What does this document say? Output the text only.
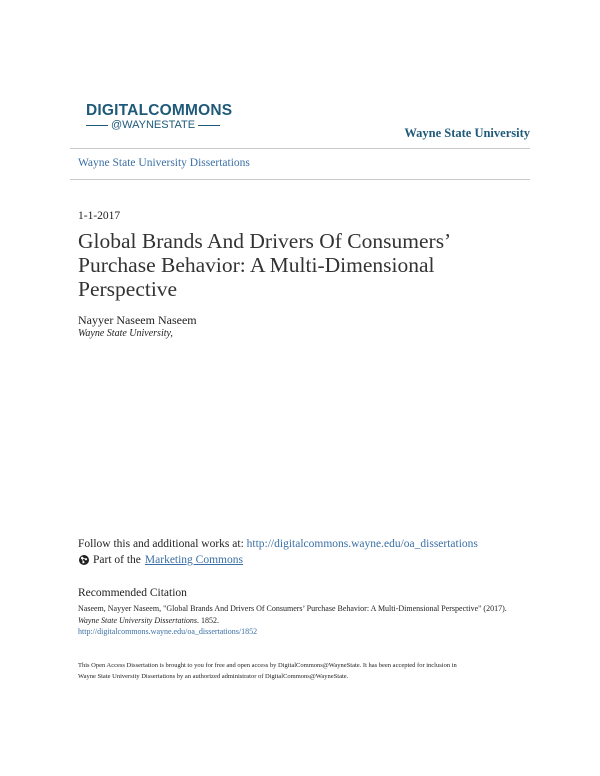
DIGITALCOMMONS
@WAYNESTATE
Wayne State University
Wayne State University Dissertations
1-1-2017
Global Brands And Drivers Of Consumers’ Purchase Behavior: A Multi-Dimensional Perspective
Nayyer Naseem Naseem
Wayne State University,
Follow this and additional works at: http://digitalcommons.wayne.edu/oa_dissertations
Part of the Marketing Commons
Recommended Citation
Naseem, Nayyer Naseem, "Global Brands And Drivers Of Consumers’ Purchase Behavior: A Multi-Dimensional Perspective" (2017).
Wayne State University Dissertations. 1852.
http://digitalcommons.wayne.edu/oa_dissertations/1852
This Open Access Dissertation is brought to you for free and open access by DigitalCommons@WayneState. It has been accepted for inclusion in
Wayne State University Dissertations by an authorized administrator of DigitalCommons@WayneState.
